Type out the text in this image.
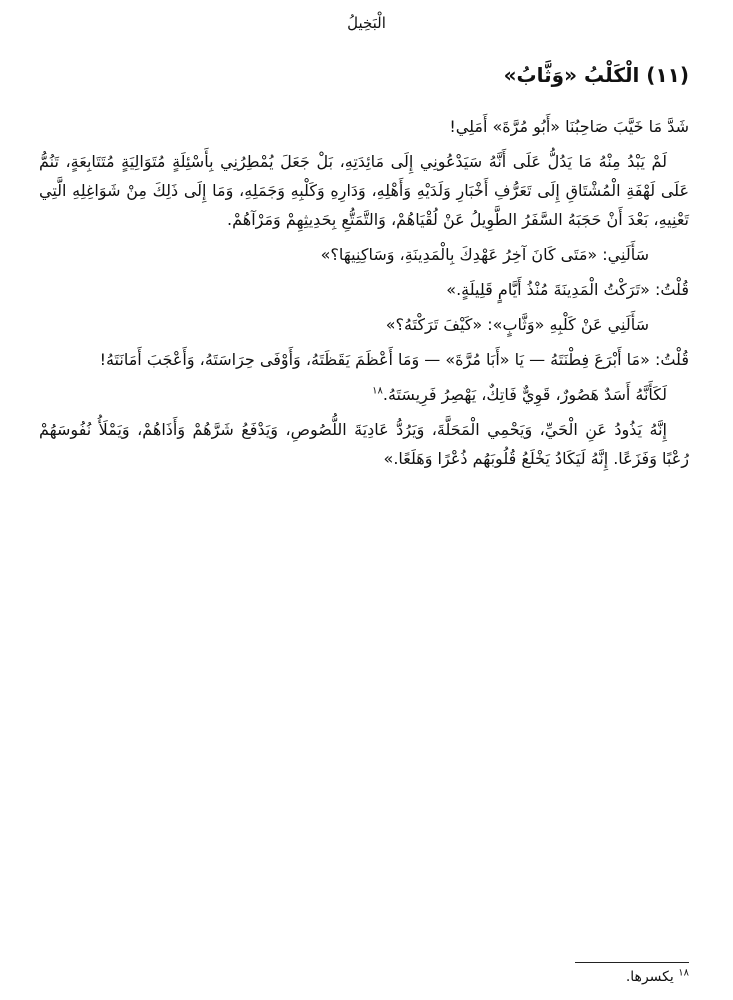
الْبَخِيلُ
(١١) الْكَلْبُ «وَثَّابُ»

شَدَّ مَا خَيَّبَ صَاحِبُنَا «أَبُو مُرَّةَ» أَمَلِي!

لَمْ يَبْدُ مِنْهُ مَا يَدُلُّ عَلَى أَنَّهُ سَيَدْعُونِي إِلَى مَائِدَتِهِ، بَلْ جَعَلَ يُمْطِرُنِي بِأَسْئِلَةٍ مُتَوَالِيَةٍ مُتَتَابِعَةٍ، تَنُمُّ عَلَى لَهْفَةِ الْمُشْتَاقِ إِلَى تَعَرُّفِ أَخْبَارِ وَلَدَيْهِ وَأَهْلِهِ، وَدَارِهِ وَكَلْبِهِ وَجَمَلِهِ، وَمَا إِلَى ذَلِكَ مِنْ شَوَاغِلِهِ الَّتِي تَعْنِيهِ، بَعْدَ أَنْ حَجَبَهُ السَّفَرُ الطَّوِيلُ عَنْ لُقْيَاهُمْ، وَالتَّمَتُّعِ بِحَدِيثِهِمْ وَمَرْآهُمْ.

سَأَلَنِي: «مَتَى كَانَ آخِرُ عَهْدِكَ بِالْمَدِينَةِ، وَسَاكِنِيهَا؟»

قُلْتُ: «تَرَكْتُ الْمَدِينَةَ مُنْذُ أَيَّامٍ قَلِيلَةٍ.»

سَأَلَنِي عَنْ كَلْبِهِ «وَثَّابٍ»: «كَيْفَ تَرَكْتَهُ؟»

قُلْتُ: «مَا أَبْرَعَ فِطْنَتَهُ — يَا «أَبَا مُرَّةَ» — وَمَا أَعْظَمَ يَقَظَتَهُ، وَأَوْفَى حِرَاسَتَهُ، وَأَعْجَبَ أَمَانَتَهُ!

لَكَأَنَّهُ أَسَدٌ هَصُورٌ، قَوِيٌّ فَاتِكٌ، يَهْصِرُ فَرِيسَتَهُ.$^{١٨}$

إِنَّهُ يَذُودُ عَنِ الْحَيِّ، وَيَحْمِي الْمَحَلَّةَ، وَيَرُدُّ عَادِيَةَ اللُّصُوصِ، وَيَدْفَعُ شَرَّهُمْ وَأَذَاهُمْ، وَيَمْلَأُ نُفُوسَهُمْ رُعْبًا وَفَزَعًا. إِنَّهُ لَيَكَادُ يَخْلَعُ قُلُوبَهُم ذُعْرًا وَهَلَعًا.»

$^{١٨}$ يكسرها.
